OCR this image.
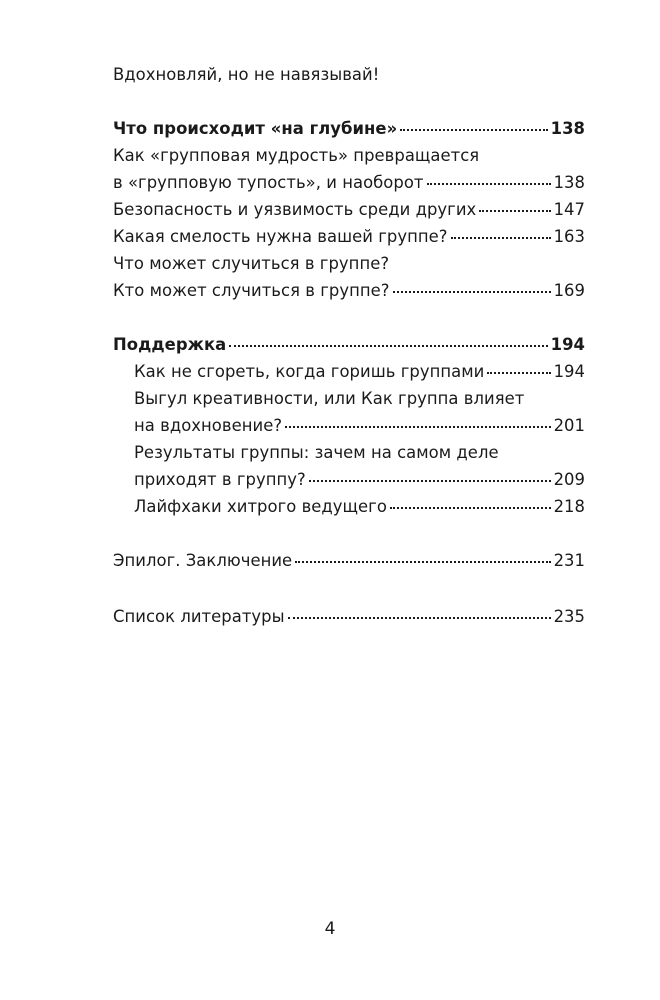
Вдохновляй, но не навязывай!
Что происходит «на глубине»	138
Как «групповая мудрость» превращается
в «групповую тупость», и наоборот	138
Безопасность и уязвимость среди других	147
Какая смелость нужна вашей группе?	163
Что может случиться в группе?
Кто может случиться в группе?	169
Поддержка	194
Как не сгореть, когда горишь группами	194
Выгул креативности, или Как группа влияет
на вдохновение?	201
Результаты группы: зачем на самом деле
приходят в группу?	209
Лайфхаки хитрого ведущего	218
Эпилог. Заключение	231
Список литературы	235
4
